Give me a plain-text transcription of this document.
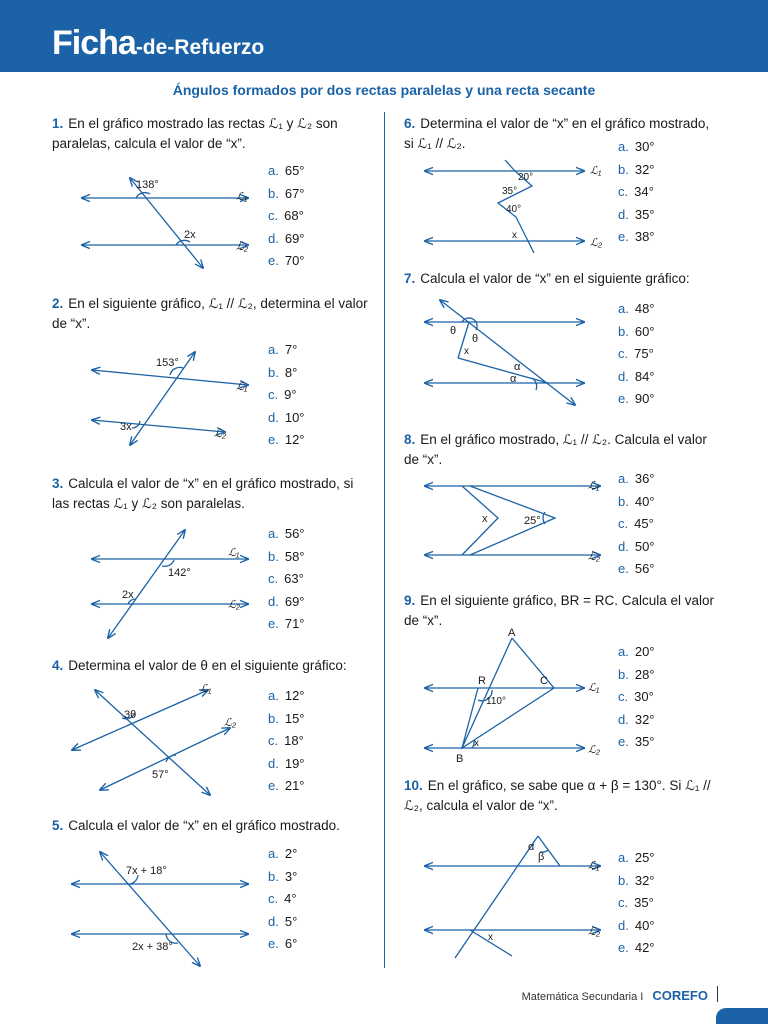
Ficha-de-Refuerzo
Ángulos formados por dos rectas paralelas y una recta secante
1. En el gráfico mostrado las rectas ℒ₁ y ℒ₂ son paralelas, calcula el valor de “x”.
2. En el siguiente gráfico, ℒ₁ // ℒ₂, determina el valor de “x”.
3. Calcula el valor de “x” en el gráfico mostrado, si las rectas ℒ₁ y ℒ₂ son paralelas.
4. Determina el valor de θ en el siguiente gráfico:
5. Calcula el valor de “x” en el gráfico mostrado.
6. Determina el valor de “x” en el gráfico mostrado, si ℒ₁ // ℒ₂.
7. Calcula el valor de “x” en el siguiente gráfico:
8. En el gráfico mostrado, ℒ₁ // ℒ₂. Calcula el valor de “x”.
9. En el siguiente gráfico, BR = RC. Calcula el valor de “x”.
10. En el gráfico, se sabe que α + β = 130°. Si ℒ₁ // ℒ₂, calcula el valor de “x”.
a. 65°
b. 67°
c. 68°
d. 69°
e. 70°
a. 7°
b. 8°
c. 9°
d. 10°
e. 12°
a. 56°
b. 58°
c. 63°
d. 69°
e. 71°
a. 12°
b. 15°
c. 18°
d. 19°
e. 21°
a. 2°
b. 3°
c. 4°
d. 5°
e. 6°
a. 30°
b. 32°
c. 34°
d. 35°
e. 38°
a. 48°
b. 60°
c. 75°
d. 84°
e. 90°
a. 36°
b. 40°
c. 45°
d. 50°
e. 56°
a. 20°
b. 28°
c. 30°
d. 32°
e. 35°
a. 25°
b. 32°
c. 35°
d. 40°
e. 42°
138°
2x
ℒ₁
ℒ₂
153°
3x
ℒ₁
ℒ₂
142°
2x
ℒ₁
ℒ₂
3θ
57°
ℒ₁
ℒ₂
7x + 18°
2x + 38°
20°
35°
40°
x
ℒ₁
ℒ₂
θ
θ
x
α
α
x	25°
ℒ₁
ℒ₂
A
R	C
110°
B
x
ℒ₁
ℒ₂
α
β
x
ℒ₁
ℒ₂
Matemática Secundaria I COREFO
